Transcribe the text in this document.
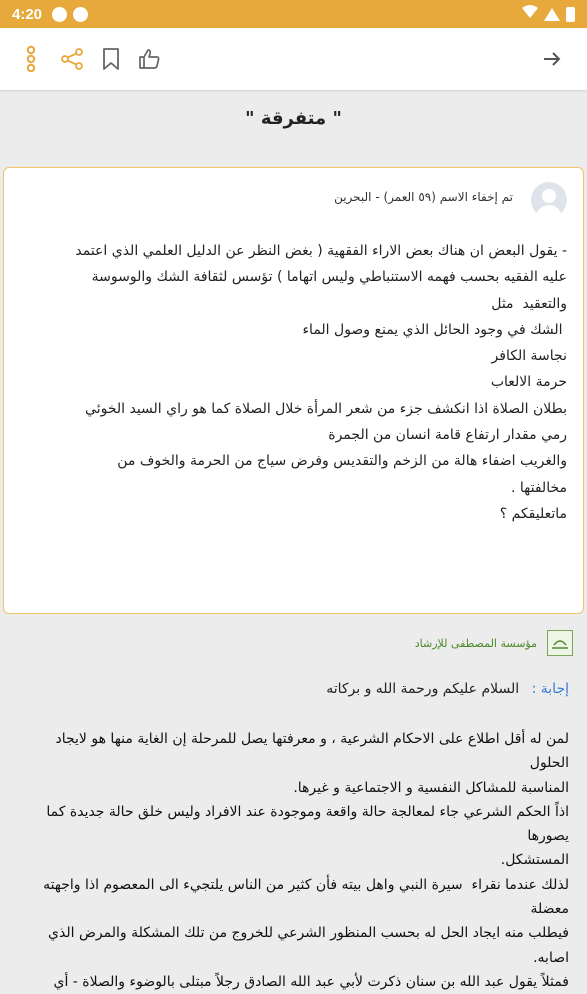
4:20
" متفرقة "
تم إخفاء الاسم (٥٩ العمر) - البحرين

- يقول البعض ان هناك بعض الاراء الفقهية ( بغض النظر عن الدليل العلمي الذي اعتمد

عليه الفقيه بحسب فهمه الاستنباطي وليس اتهاما ) تؤسس لثقافة الشك والوسوسة

والتعقيد  مثل

الشك في وجود الحائل الذي يمنع وصول الماء

نجاسة الكافر

حرمة الالعاب

بطلان الصلاة اذا انكشف جزء من شعر المرأة خلال الصلاة كما هو راي السيد الخوئي

رمي مقدار ارتفاع قامة انسان من الجمرة

والغريب اضفاء هالة من الزخم والتقديس وفرض سياج من الحرمة والخوف من

مخالفتها .

ماتعليقكم ؟

مؤسسة المصطفى للإرشاد
إجابة : السلام عليكم ورحمة الله و بركاته

لمن له أقل اطلاع على الاحكام الشرعية ، و معرفتها يصل للمرحلة إن الغاية منها هو لايجاد الحلول

المناسبة للمشاكل النفسية و الاجتماعية و غيرها.

اذاً الحكم الشرعي جاء لمعالجة حالة واقعة وموجودة عند الافراد وليس خلق حالة جديدة كما يصورها

المستشكل.

لذلك عندما نقراء  سيرة النبي واهل بيته فأن كثير من الناس يلتجيء الى المعصوم اذا واجهته معضلة

فيطلب منه ايجاد الحل له بحسب المنظور الشرعي للخروج من تلك المشكلة والمرض الذي اصابه.

فمثلاً يقول عبد الله بن سنان ذكرت لأبي عبد الله الصادق رجلاً مبتلى بالوضوء والصلاة - أي
